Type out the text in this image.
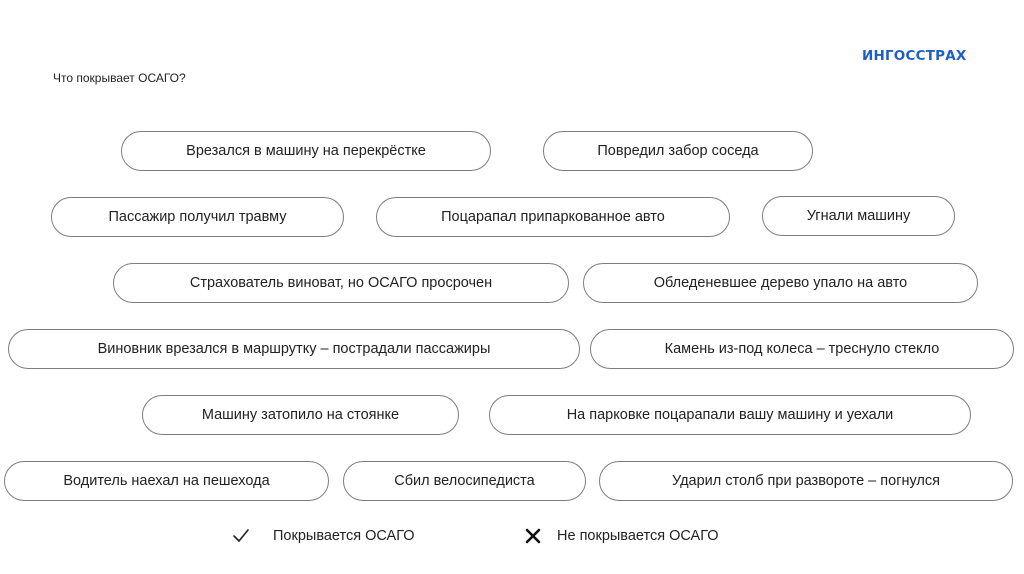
ИНГОССТРАХ
Что покрывает ОСАГО?
Врезался в машину на перекрёстке	Повредил забор соседа
Пассажир получил травму	Поцарапал припаркованное авто	Угнали машину
Страхователь виноват, но ОСАГО просрочен	Обледеневшее дерево упало на авто
Виновник врезался в маршрутку – пострадали пассажиры	Камень из-под колеса – треснуло стекло
Машину затопило на стоянке	На парковке поцарапали вашу машину и уехали
Водитель наехал на пешехода	Сбил велосипедиста	Ударил столб при развороте – погнулся
Покрывается ОСАГО	Не покрывается ОСАГО
